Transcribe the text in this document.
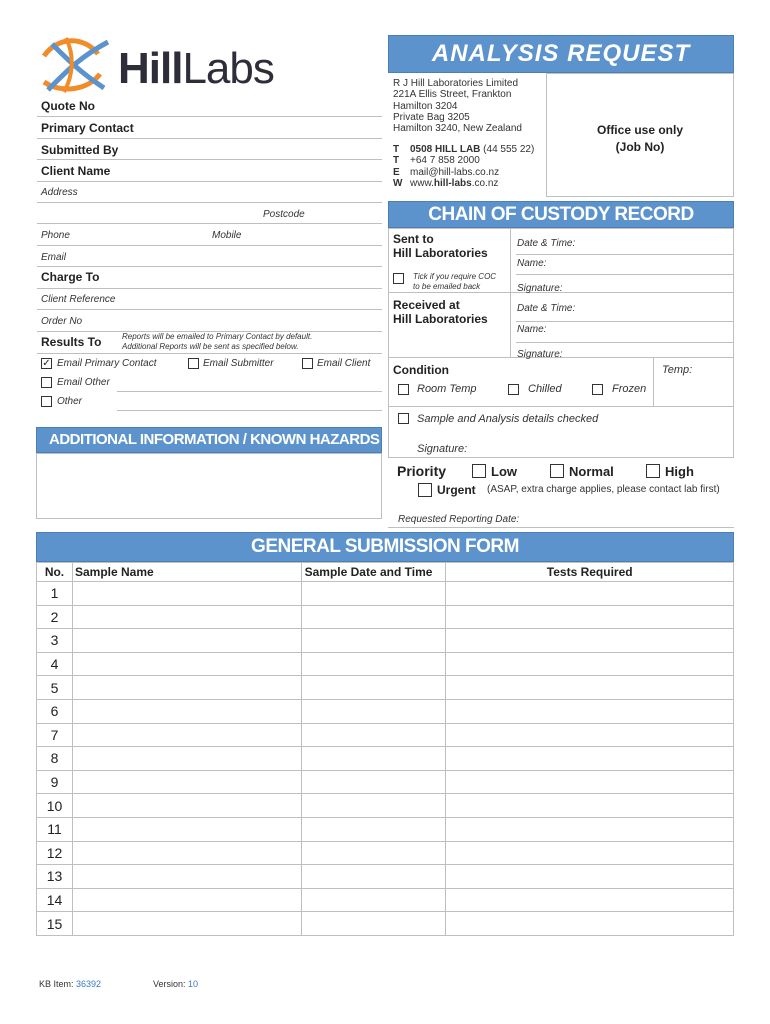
HillLabs	ANALYSIS REQUEST
R J Hill Laboratories Limited
221A Ellis Street, Frankton
Hamilton 3204
Private Bag 3205
Hamilton 3240, New Zealand
T 0508 HILL LAB (44 555 22)
T +64 7 858 2000
E mail@hill-labs.co.nz
W www.hill-labs.co.nz
Office use only
(Job No)
Quote No
Primary Contact
Submitted By
Client Name
Address
Postcode
Phone	Mobile
Email
Charge To
Client Reference
Order No
Results To	Reports will be emailed to Primary Contact by default.
Additional Reports will be sent as specified below.
✓ Email Primary Contact	Email Submitter	Email Client
Email Other
Other
ADDITIONAL INFORMATION / KNOWN HAZARDS
CHAIN OF CUSTODY RECORD
Sent to
Hill Laboratories
Date & Time:
Name:
Signature:
Tick if you require COC
to be emailed back
Received at
Hill Laboratories
Date & Time:
Name:
Signature:
Condition	Temp:
Room Temp	Chilled	Frozen
Sample and Analysis details checked
Signature:
Priority	Low	Normal	High
Urgent (ASAP, extra charge applies, please contact lab first)
Requested Reporting Date:
GENERAL SUBMISSION FORM
No.	Sample Name	Sample Date and Time	Tests Required
1			
2			
3			
4			
5			
6			
7			
8			
9			
10			
11			
12			
13			
14			
15			
KB Item: 36392	Version: 10
